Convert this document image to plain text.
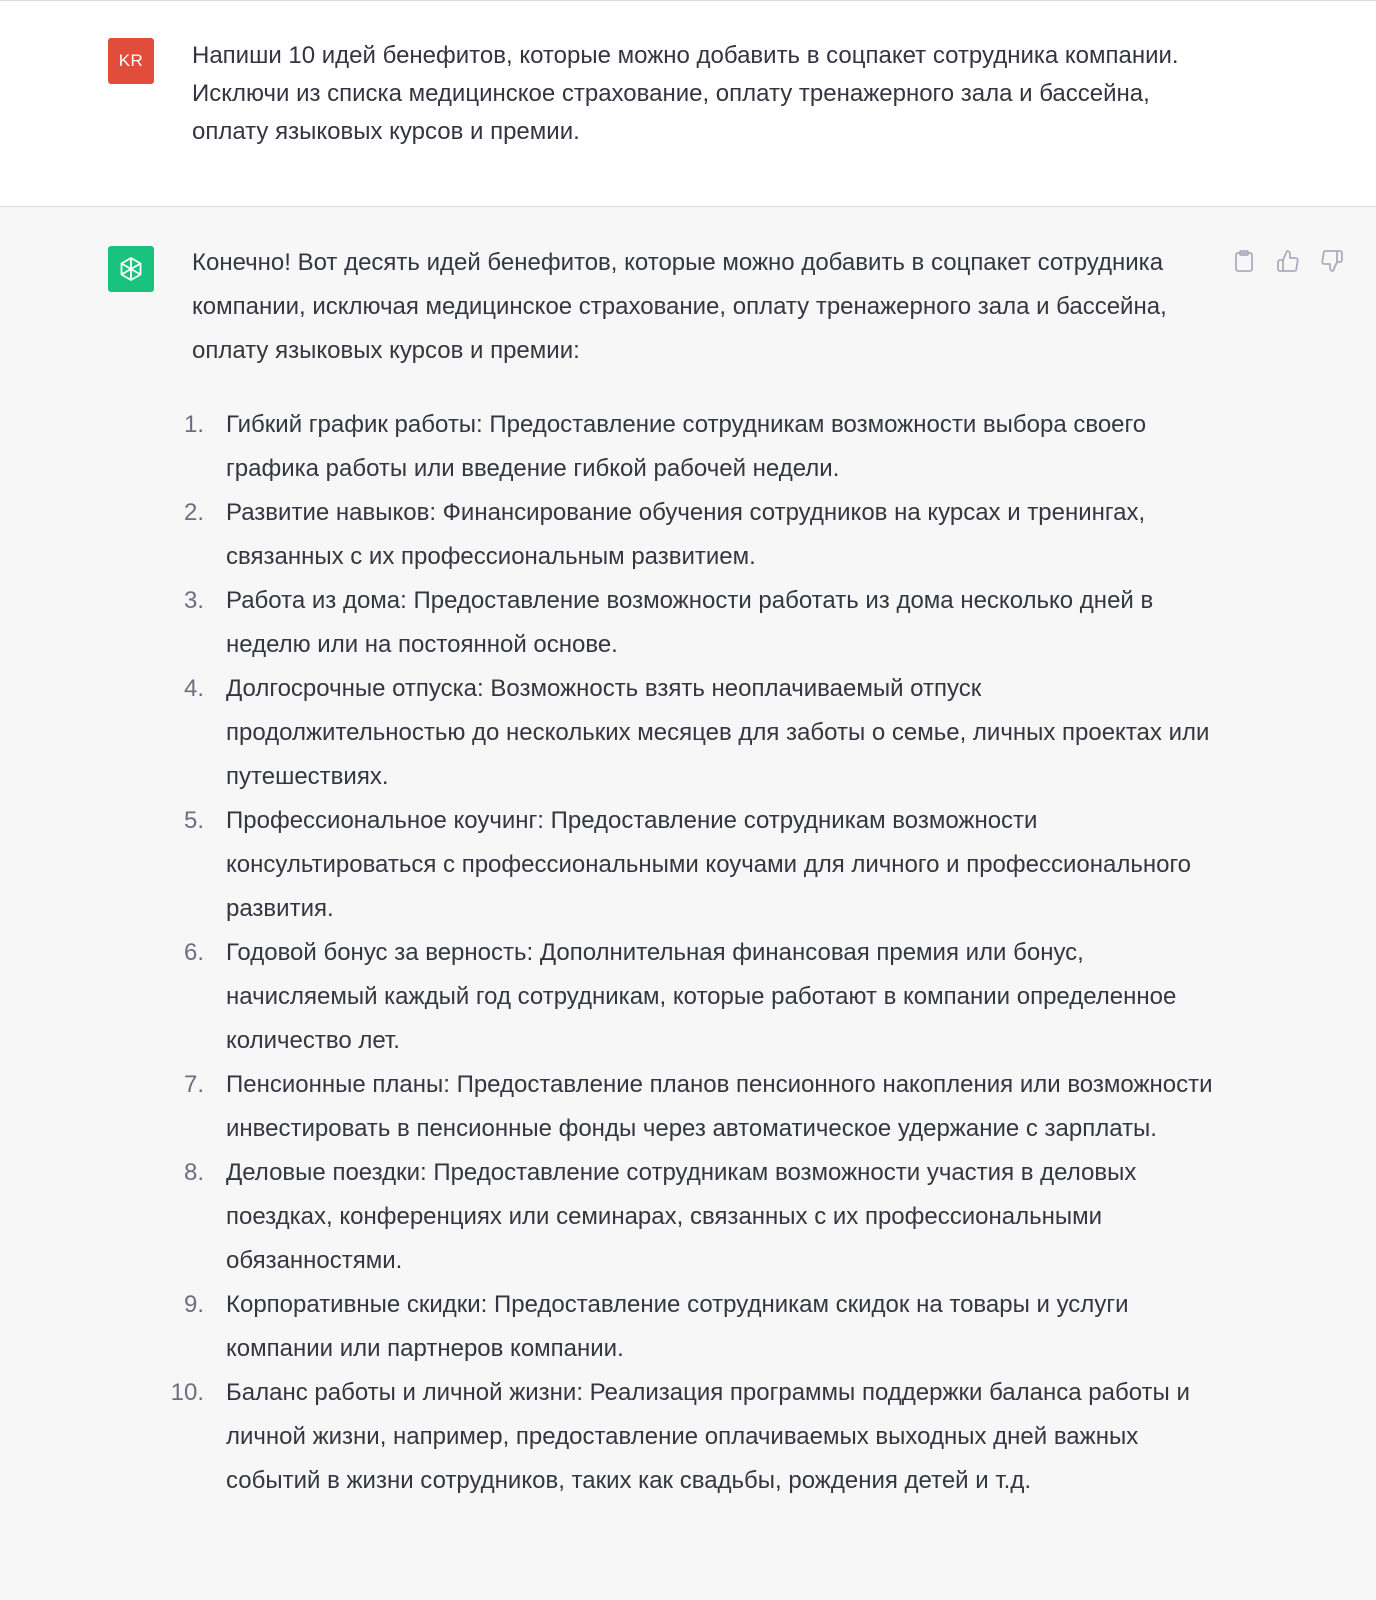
KR Напиши 10 идей бенефитов, которые можно добавить в соцпакет сотрудника компании. Исключи из списка медицинское страхование, оплату тренажерного зала и бассейна, оплату языковых курсов и премии.

Конечно! Вот десять идей бенефитов, которые можно добавить в соцпакет сотрудника компании, исключая медицинское страхование, оплату тренажерного зала и бассейна, оплату языковых курсов и премии:

1. Гибкий график работы: Предоставление сотрудникам возможности выбора своего графика работы или введение гибкой рабочей недели.
2. Развитие навыков: Финансирование обучения сотрудников на курсах и тренингах, связанных с их профессиональным развитием.
3. Работа из дома: Предоставление возможности работать из дома несколько дней в неделю или на постоянной основе.
4. Долгосрочные отпуска: Возможность взять неоплачиваемый отпуск продолжительностью до нескольких месяцев для заботы о семье, личных проектах или путешествиях.
5. Профессиональное коучинг: Предоставление сотрудникам возможности консультироваться с профессиональными коучами для личного и профессионального развития.
6. Годовой бонус за верность: Дополнительная финансовая премия или бонус, начисляемый каждый год сотрудникам, которые работают в компании определенное количество лет.
7. Пенсионные планы: Предоставление планов пенсионного накопления или возможности инвестировать в пенсионные фонды через автоматическое удержание с зарплаты.
8. Деловые поездки: Предоставление сотрудникам возможности участия в деловых поездках, конференциях или семинарах, связанных с их профессиональными обязанностями.
9. Корпоративные скидки: Предоставление сотрудникам скидок на товары и услуги компании или партнеров компании.
10. Баланс работы и личной жизни: Реализация программы поддержки баланса работы и личной жизни, например, предоставление оплачиваемых выходных дней важных событий в жизни сотрудников, таких как свадьбы, рождения детей и т.д.
